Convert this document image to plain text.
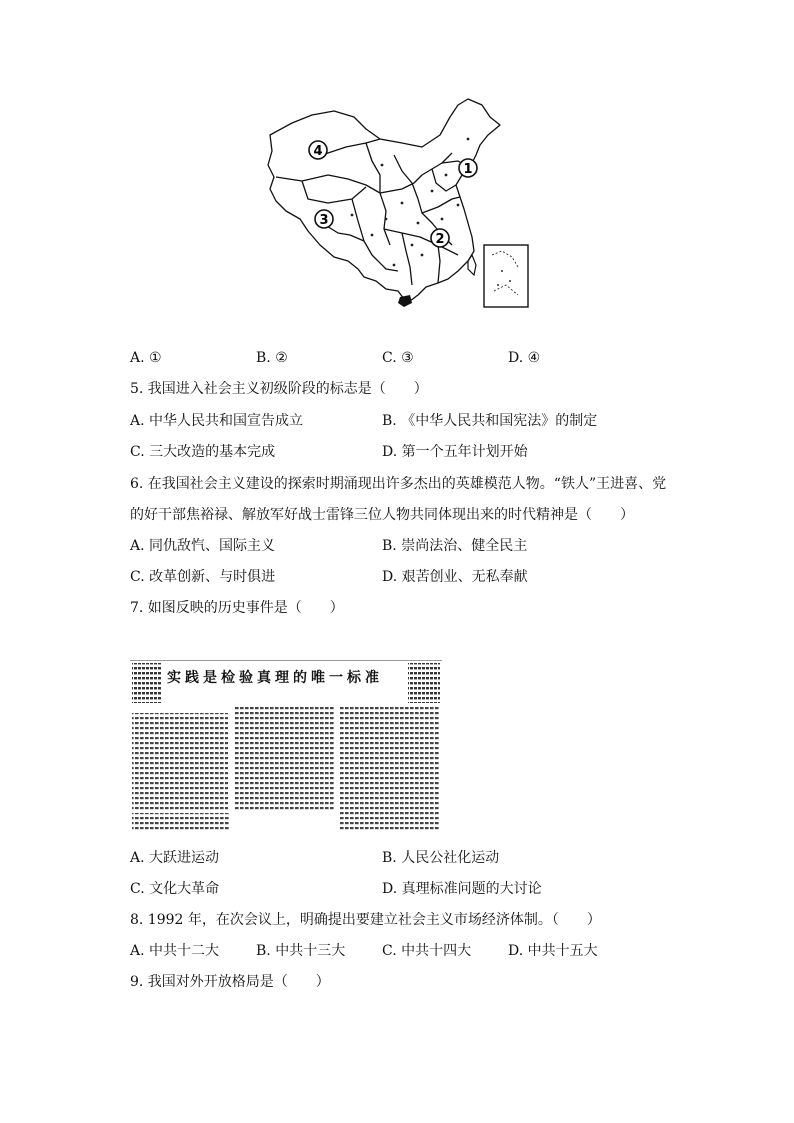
4
1
3
2
A. ①	B. ②	C. ③	D. ④
5. 我国进入社会主义初级阶段的标志是（　　）
A. 中华人民共和国宣告成立	B. 《中华人民共和国宪法》的制定
C. 三大改造的基本完成	D. 第一个五年计划开始
6. 在我国社会主义建设的探索时期涌现出许多杰出的英雄模范人物。“铁人”王进喜、党
的好干部焦裕禄、解放军好战士雷锋三位人物共同体现出来的时代精神是（　　）
A. 同仇敌忾、国际主义	B. 崇尚法治、健全民主
C. 改革创新、与时俱进	D. 艰苦创业、无私奉献
7. 如图反映的历史事件是（　　）
实践是检验真理的唯一标准
A. 大跃进运动	B. 人民公社化运动
C. 文化大革命	D. 真理标准问题的大讨论
8. 1992 年，在次会议上，明确提出要建立社会主义市场经济体制。（　　）
A. 中共十二大	B. 中共十三大	C. 中共十四大	D. 中共十五大
9. 我国对外开放格局是（　　）
